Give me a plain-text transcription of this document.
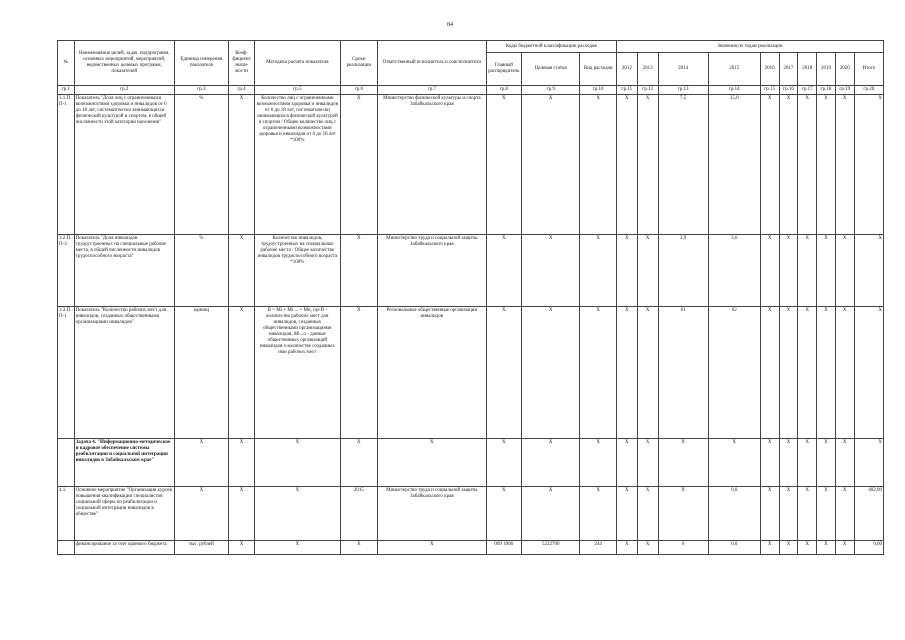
84
№	Наименование целей, задач, подпрограмм, основных мероприятий, мероприятий, ведомственных целевых программ, показателей	Единица измерения показателя	Коэф-фициент значи-мости	Методика расчета показателя	Сроки реализации	Ответственный исполнитель и соисполнители	Коды бюджетной классификации расходов			Значения по годам реализации									
							Главный распорядитель	Целевая статья	Вид расходов	2012	2013	2014	2015	2016	2017	2018	2019	2020	Итого
гр.1	гр.2	гр.3	гр.4	гр.5	гр.6	гр.7	гр.8	гр.9	гр.10	гр.11	гр.12	гр.13	гр.14	гр.15	гр.16	гр.17	гр.18	гр.19	гр.20
3.1.ПП-1	Показатель "Доля лиц с ограниченными возможностями здоровья и инвалидов от 6 до 18 лет, систематически занимающихся физической культурой и спортом, в общей численности этой категории населения"	%	X	Количество лиц с ограниченными возможностями здоровья и инвалидов от 6 до 18 лет, систематически занимающихся физической культурой и спортом / Общее количество лиц с ограниченными возможностями здоровья и инвалидов от 6 до 18 лет *100%	X	Министерство физической культуры и спорта Забайкальского края	X	X	X	X	X	7,5	15,0	X	X	X	X	X	X
3.2.ПП-3	Показатель "Доля инвалидов трудоустроенных на специальные рабочие места, в общей численности инвалидов трудоспособного возраста"	%	X	Количество инвалидов, трудоустроенных на специальные рабочие места / Общее количество инвалидов трудоспособного возраста *100%	X	Министерство труда и социальной защиты Забайкальского края	X	X	X	X	X	2,9	3,6	X	X	X	X	X	X
3.3.ПП-1	Показатель "Количество рабочих мест для инвалидов, созданных общественными организациями инвалидов"	единиц	X	В = Мi + Мi ... + Мn, где В - количество рабочих мест для инвалидов, созданных общественными организациями инвалидов, Мi...n - данные общественных организаций инвалидов о количестве созданных ими рабочих мест	X	Региональные общественные организации инвалидов	X	X	X	X	X	61	62	X	X	X	X	X	X
	Задача 4. "Информационно-методическое и кадровое обеспечение системы реабилитации и социальной интеграции инвалидов в Забайкальском крае"	X	X	X	X	X	X	X	X	X	X	X	X	X	X	X	X	X	X
4.1.	Основное мероприятие "Организация курсов повышения квалификации специалистов социальной сферы по реабилитации и социальной интеграции инвалидов в обществе"	X	X	X	2015	Министерство труда и социальной защиты Забайкальского края	X	X	X	X	X	X	0,0	X	X	X	X	X	402,00
	финансирование за счет краевого бюджета	тыс. рублей	X	X	X	X	009 1006	5222700	244	X	X	0	0,0	X	X	X	X	X	0,00
